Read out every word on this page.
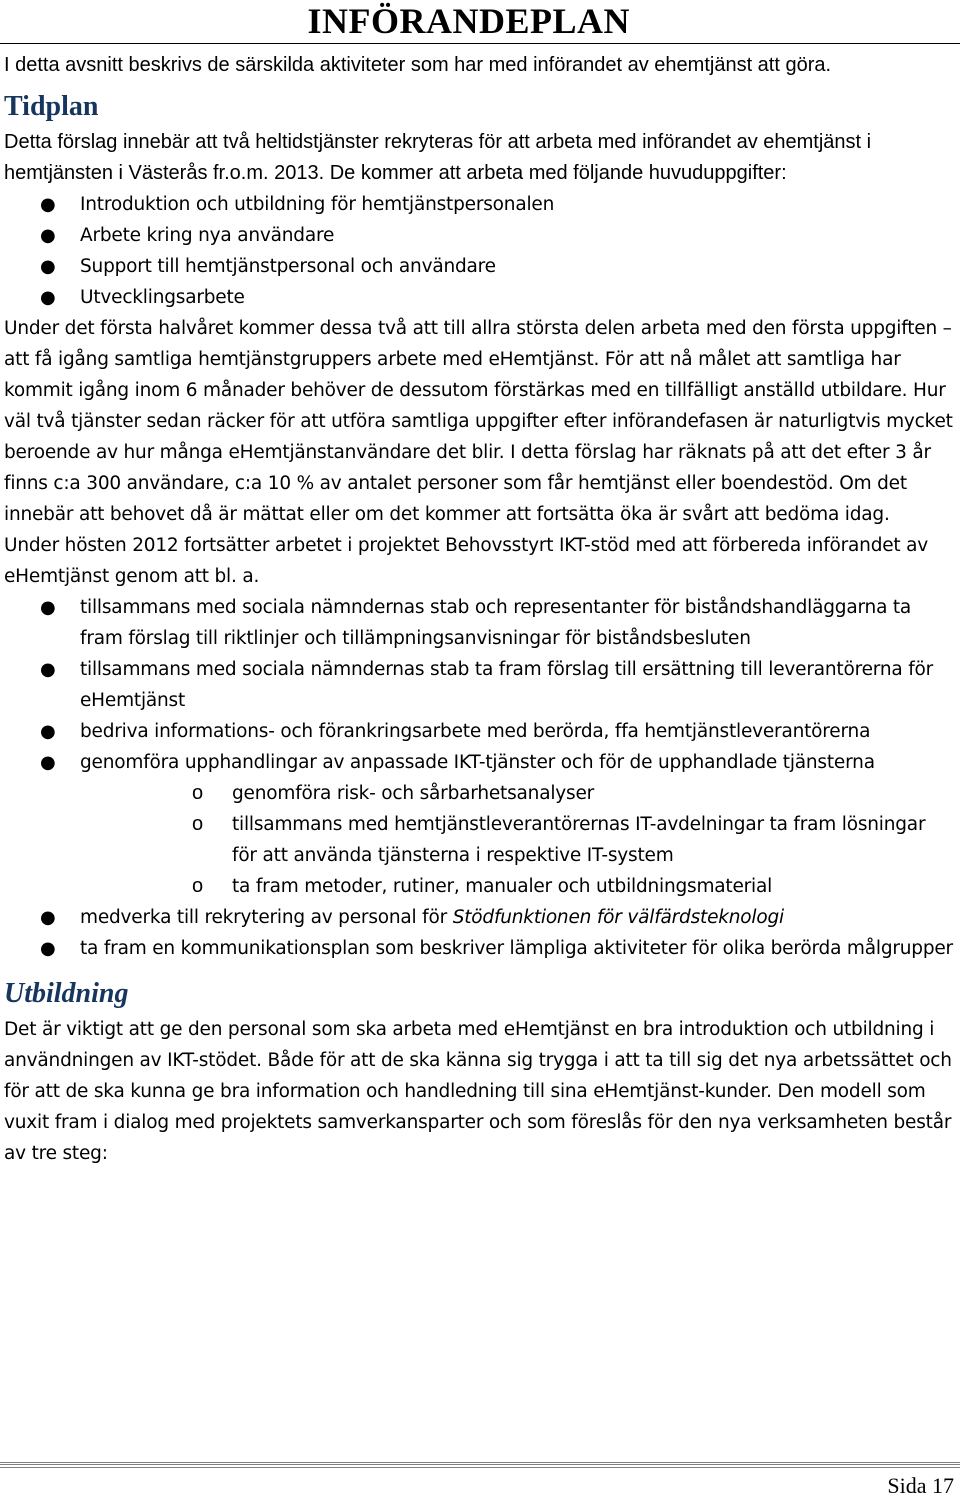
INFÖRANDEPLAN

I detta avsnitt beskrivs de särskilda aktiviteter som har med införandet av ehemtjänst att göra.

Tidplan

Detta förslag innebär att två heltidstjänster rekryteras för att arbeta med införandet av ehemtjänst i hemtjänsten i Västerås fr.o.m. 2013. De kommer att arbeta med följande huvuduppgifter:

● Introduktion och utbildning för hemtjänstpersonalen
● Arbete kring nya användare
● Support till hemtjänstpersonal och användare
● Utvecklingsarbete

Under det första halvåret kommer dessa två att till allra största delen arbeta med den första uppgiften – att få igång samtliga hemtjänstgruppers arbete med eHemtjänst. För att nå målet att samtliga har kommit igång inom 6 månader behöver de dessutom förstärkas med en tillfälligt anställd utbildare. Hur väl två tjänster sedan räcker för att utföra samtliga uppgifter efter införandefasen är naturligtvis mycket beroende av hur många eHemtjänstanvändare det blir. I detta förslag har räknats på att det efter 3 år finns c:a 300 användare, c:a 10 % av antalet personer som får hemtjänst eller boendestöd. Om det innebär att behovet då är mättat eller om det kommer att fortsätta öka är svårt att bedöma idag.

Under hösten 2012 fortsätter arbetet i projektet Behovsstyrt IKT-stöd med att förbereda införandet av eHemtjänst genom att bl. a.

● tillsammans med sociala nämndernas stab och representanter för biståndshandläggarna ta fram förslag till riktlinjer och tillämpningsanvisningar för biståndsbesluten
● tillsammans med sociala nämndernas stab ta fram förslag till ersättning till leverantörerna för eHemtjänst
● bedriva informations- och förankringsarbete med berörda, ffa hemtjänstleverantörerna
● genomföra upphandlingar av anpassade IKT-tjänster och för de upphandlade tjänsterna
o genomföra risk- och sårbarhetsanalyser
o tillsammans med hemtjänstleverantörernas IT-avdelningar ta fram lösningar för att använda tjänsterna i respektive IT-system
o ta fram metoder, rutiner, manualer och utbildningsmaterial
● medverka till rekrytering av personal för Stödfunktionen för välfärdsteknologi
● ta fram en kommunikationsplan som beskriver lämpliga aktiviteter för olika berörda målgrupper
Utbildning

Det är viktigt att ge den personal som ska arbeta med eHemtjänst en bra introduktion och utbildning i användningen av IKT-stödet. Både för att de ska känna sig trygga i att ta till sig det nya arbetssättet och för att de ska kunna ge bra information och handledning till sina eHemtjänst-kunder. Den modell som vuxit fram i dialog med projektets samverkansparter och som föreslås för den nya verksamheten består av tre steg:

Sida 17
